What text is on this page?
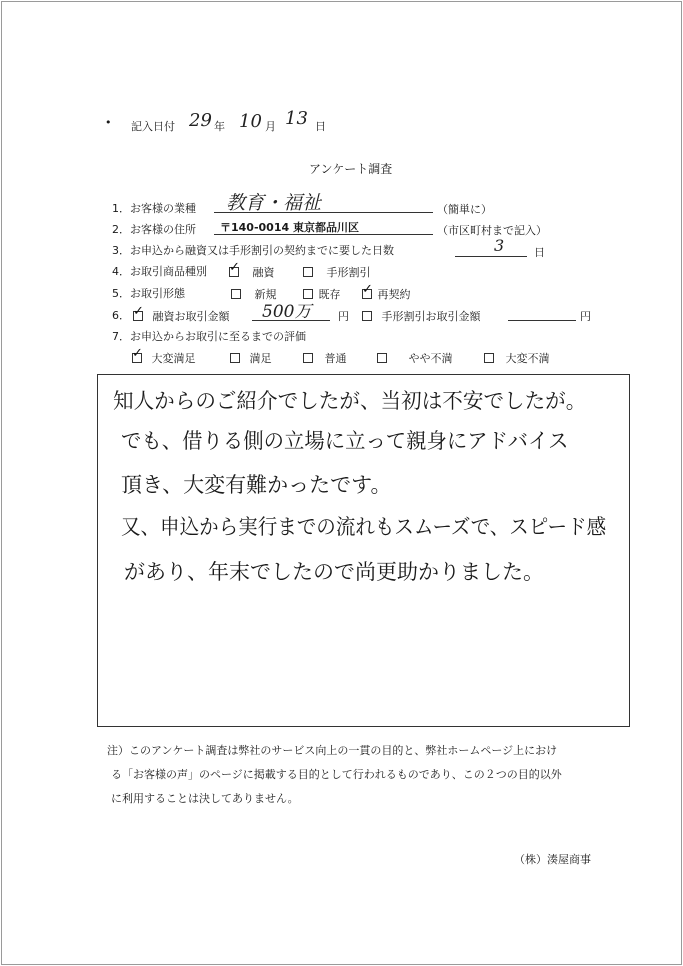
• 記入日付 29 年 10 月 13 日
アンケート調査
1．お客様の業種 教育・福祉	（簡単に）
2．お客様の住所 〒140-0014 東京都品川区	（市区町村まで記入）
3．お申込から融資又は手形割引の契約までに要した日数	3	日
4．お取引商品種別 ✓ 融資	手形割引
5．お取引形態	新規	既存 ✓ 再契約
6． ✓ 融資お取引金額 500万 円	手形割引お取引金額	円
7．お申込からお取引に至るまでの評価
✓ 大変満足	満足	普通	やや不満	大変不満
知人からのご紹介でしたが、当初は不安でしたが。
でも、借りる側の立場に立って親身にアドバイス
頂き、大変有難かったです。
又、申込から実行までの流れもスムーズで、スピード感
があり、年末でしたので尚更助かりました。
注）このアンケート調査は弊社のサービス向上の一貫の目的と、弊社ホームページ上におけ
る「お客様の声」のページに掲載する目的として行われるものであり、この２つの目的以外
に利用することは決してありません。
（株）湊屋商事
